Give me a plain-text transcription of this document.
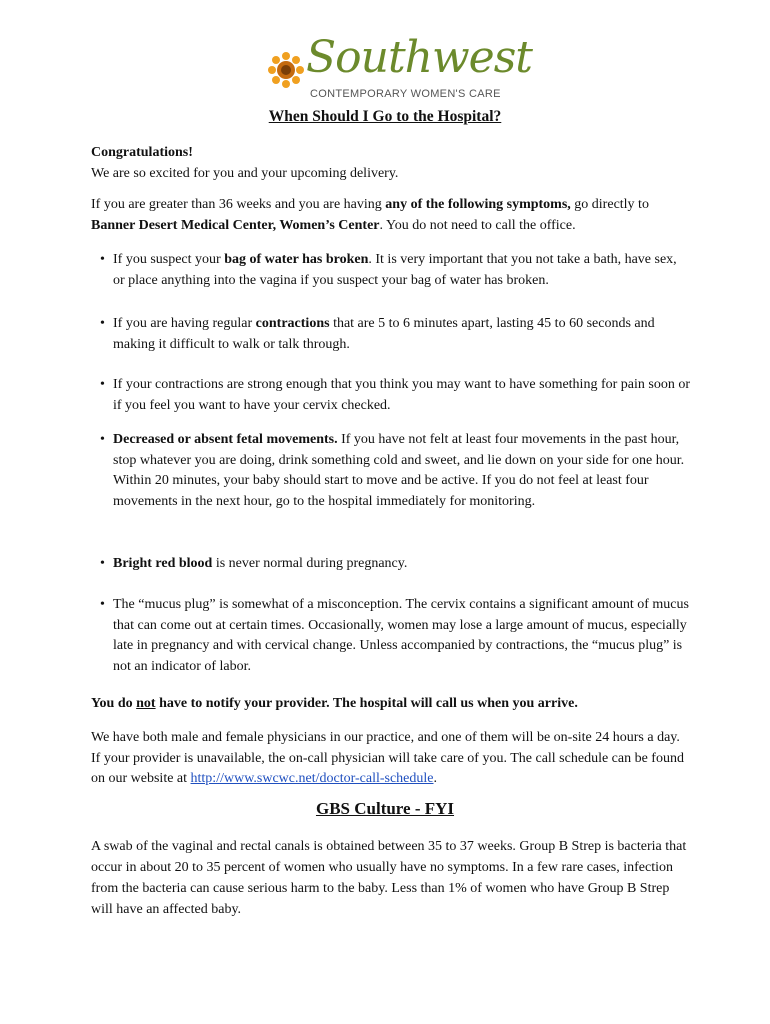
Southwest
CONTEMPORARY WOMEN'S CARE
When Should I Go to the Hospital?
Congratulations!
We are so excited for you and your upcoming delivery.
If you are greater than 36 weeks and you are having any of the following symptoms, go directly to Banner Desert Medical Center, Women’s Center. You do not need to call the office.
• If you suspect your bag of water has broken. It is very important that you not take a bath, have sex, or place anything into the vagina if you suspect your bag of water has broken.
• If you are having regular contractions that are 5 to 6 minutes apart, lasting 45 to 60 seconds and making it difficult to walk or talk through.
• If your contractions are strong enough that you think you may want to have something for pain soon or if you feel you want to have your cervix checked.
• Decreased or absent fetal movements. If you have not felt at least four movements in the past hour, stop whatever you are doing, drink something cold and sweet, and lie down on your side for one hour. Within 20 minutes, your baby should start to move and be active. If you do not feel at least four movements in the next hour, go to the hospital immediately for monitoring.
• Bright red blood is never normal during pregnancy.
• The “mucus plug” is somewhat of a misconception. The cervix contains a significant amount of mucus that can come out at certain times. Occasionally, women may lose a large amount of mucus, especially late in pregnancy and with cervical change. Unless accompanied by contractions, the “mucus plug” is not an indicator of labor.
You do not have to notify your provider. The hospital will call us when you arrive.
We have both male and female physicians in our practice, and one of them will be on-site 24 hours a day. If your provider is unavailable, the on-call physician will take care of you. The call schedule can be found on our website at http://www.swcwc.net/doctor-call-schedule.
GBS Culture - FYI
A swab of the vaginal and rectal canals is obtained between 35 to 37 weeks. Group B Strep is bacteria that occur in about 20 to 35 percent of women who usually have no symptoms. In a few rare cases, infection from the bacteria can cause serious harm to the baby. Less than 1% of women who have Group B Strep will have an affected baby.
